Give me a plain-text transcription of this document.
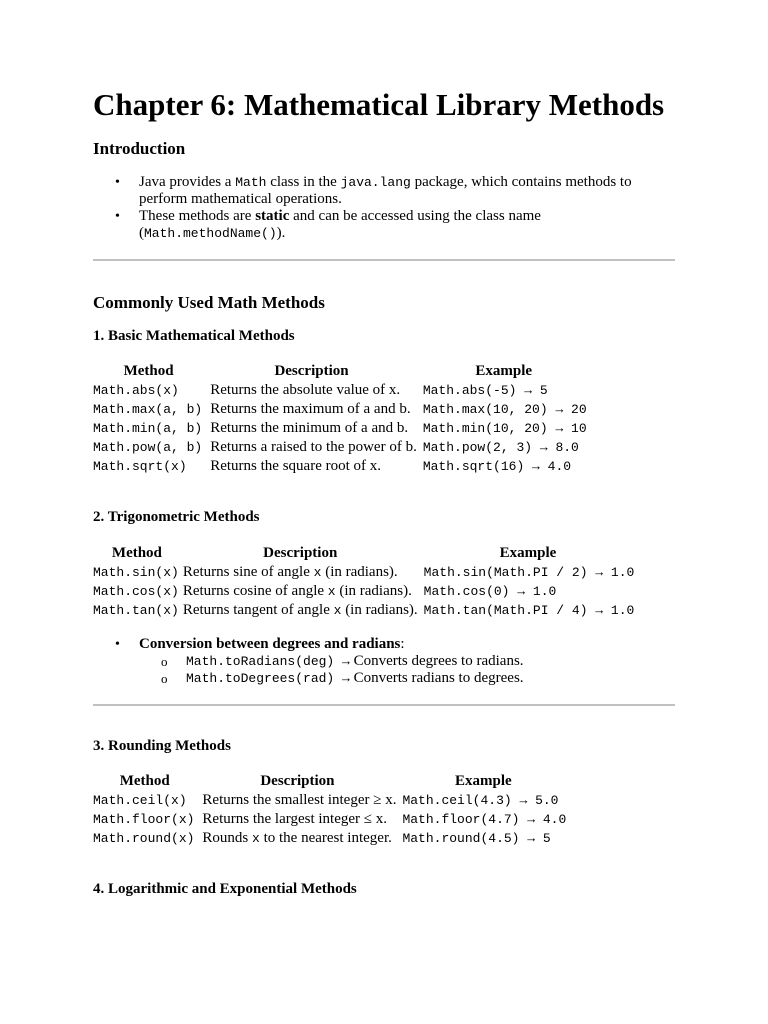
Chapter 6: Mathematical Library Methods
Introduction
• Java provides a Math class in the java.lang package, which contains methods to perform mathematical operations.
• These methods are static and can be accessed using the class name (Math.methodName()).
Commonly Used Math Methods
1. Basic Mathematical Methods
Method	Description	Example
Math.abs(x)	Returns the absolute value of x.	Math.abs(-5) → 5
Math.max(a, b)	Returns the maximum of a and b.	Math.max(10, 20) → 20
Math.min(a, b)	Returns the minimum of a and b.	Math.min(10, 20) → 10
Math.pow(a, b)	Returns a raised to the power of b.	Math.pow(2, 3) → 8.0
Math.sqrt(x)	Returns the square root of x.	Math.sqrt(16) → 4.0
2. Trigonometric Methods
Method	Description	Example
Math.sin(x)	Returns sine of angle x (in radians).	Math.sin(Math.PI / 2) → 1.0
Math.cos(x)	Returns cosine of angle x (in radians).	Math.cos(0) → 1.0
Math.tan(x)	Returns tangent of angle x (in radians).	Math.tan(Math.PI / 4) → 1.0
• Conversion between degrees and radians:
o Math.toRadians(deg) → Converts degrees to radians.
o Math.toDegrees(rad) → Converts radians to degrees.
3. Rounding Methods
Method	Description	Example
Math.ceil(x)	Returns the smallest integer ≥ x.	Math.ceil(4.3) → 5.0
Math.floor(x)	Returns the largest integer ≤ x.	Math.floor(4.7) → 4.0
Math.round(x)	Rounds x to the nearest integer.	Math.round(4.5) → 5
4. Logarithmic and Exponential Methods
